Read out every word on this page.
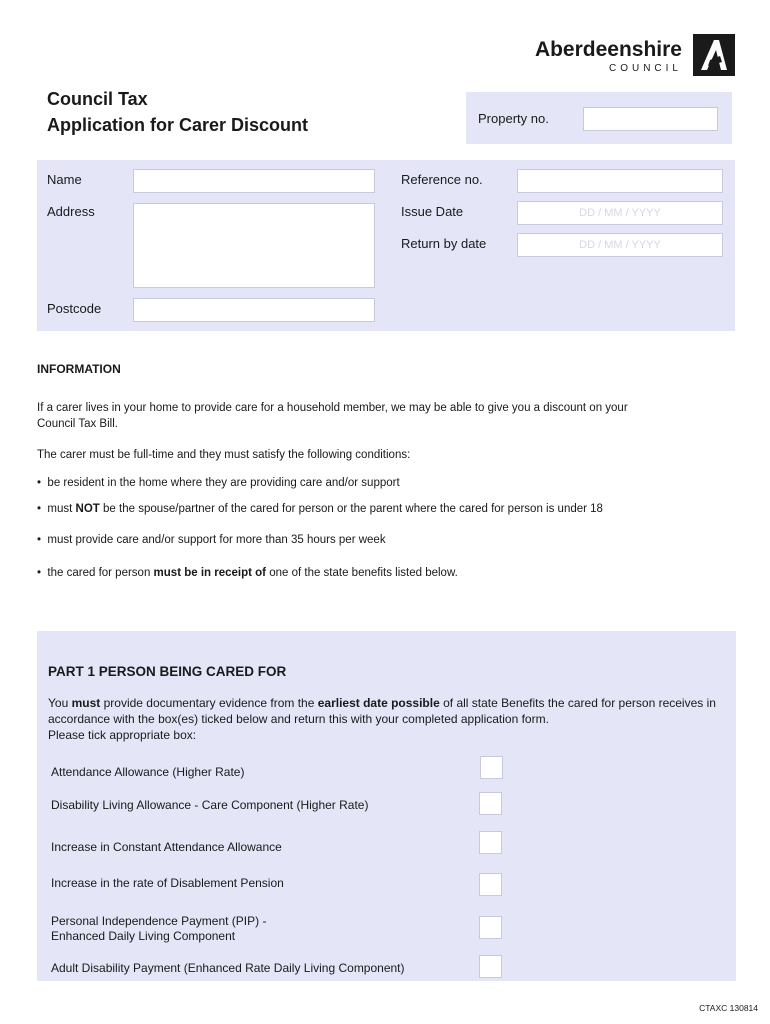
Aberdeenshire
COUNCIL
Council Tax
Application for Carer Discount	Property no.
Name
Address
Postcode
Reference no.
Issue Date	DD / MM / YYYY
Return by date	DD / MM / YYYY
INFORMATION
If a carer lives in your home to provide care for a household member, we may be able to give you a discount on your
Council Tax Bill.
The carer must be full-time and they must satisfy the following conditions:
• be resident in the home where they are providing care and/or support
• must NOT be the spouse/partner of the cared for person or the parent where the cared for person is under 18
• must provide care and/or support for more than 35 hours per week
• the cared for person must be in receipt of one of the state benefits listed below.
PART 1 PERSON BEING CARED FOR
You must provide documentary evidence from the earliest date possible of all state Benefits the cared for person receives in accordance with the box(es) ticked below and return this with your completed application form.
Please tick appropriate box:
Attendance Allowance (Higher Rate)
Disability Living Allowance - Care Component (Higher Rate)
Increase in Constant Attendance Allowance
Increase in the rate of Disablement Pension
Personal Independence Payment (PIP) -
Enhanced Daily Living Component
Adult Disability Payment (Enhanced Rate Daily Living Component)
CTAXC 130814
